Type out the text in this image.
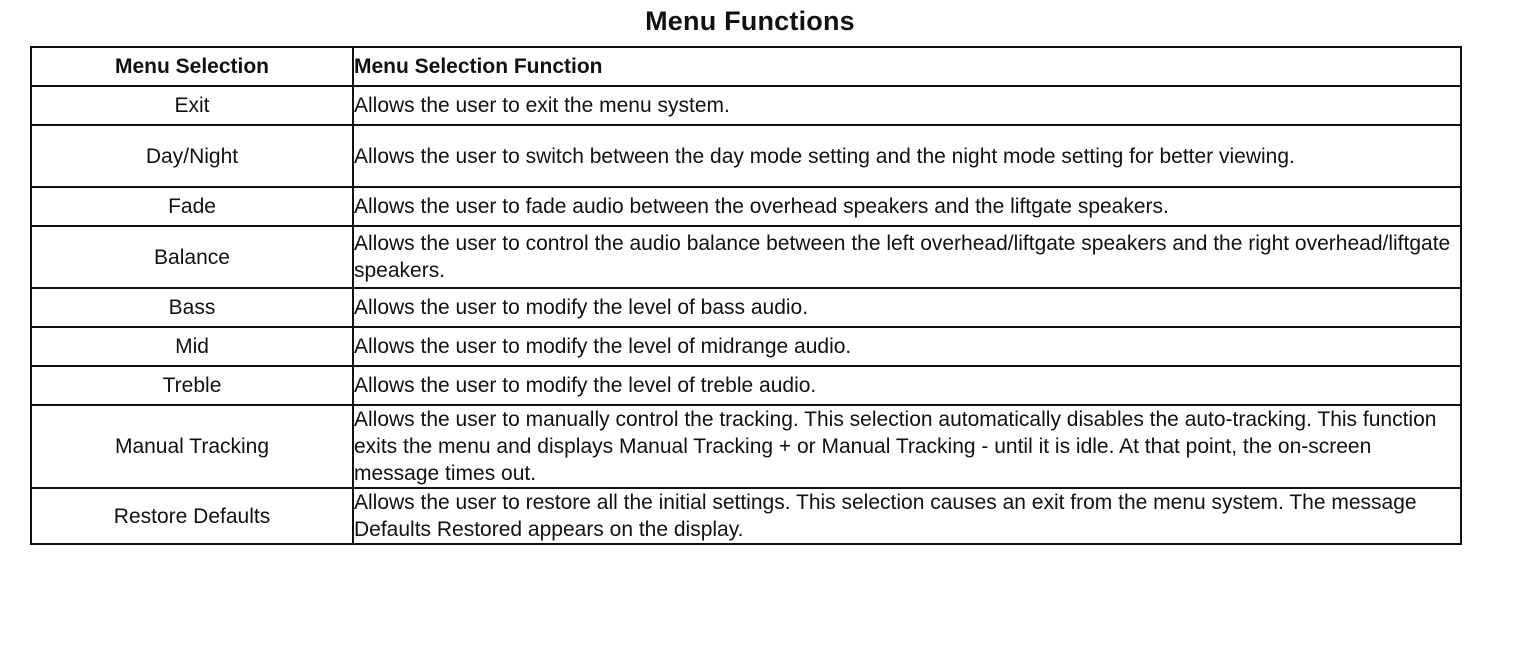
Menu Functions
Menu Selection	Menu Selection Function
Exit	Allows the user to exit the menu system.
Day/Night	Allows the user to switch between the day mode setting and the night mode setting for better viewing.
Fade	Allows the user to fade audio between the overhead speakers and the liftgate speakers.
Balance	Allows the user to control the audio balance between the left overhead/liftgate speakers and the right overhead/liftgate speakers.
Bass	Allows the user to modify the level of bass audio.
Mid	Allows the user to modify the level of midrange audio.
Treble	Allows the user to modify the level of treble audio.
Manual Tracking	Allows the user to manually control the tracking. This selection automatically disables the auto-tracking. This function exits the menu and displays Manual Tracking + or Manual Tracking - until it is idle. At that point, the on-screen message times out.
Restore Defaults	Allows the user to restore all the initial settings. This selection causes an exit from the menu system. The message Defaults Restored appears on the display.
